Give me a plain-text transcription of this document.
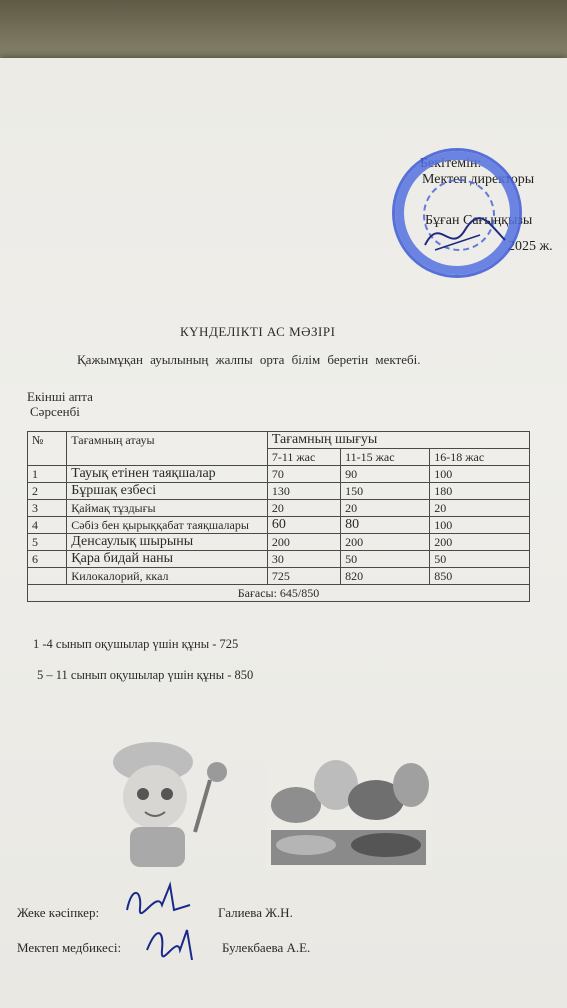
Бекітемін:
Мектеп директоры
Бұған Сағыңқызы
2025 ж.
КҮНДЕЛІКТІ АС МӘЗІРІ
Қажымұқан ауылының жалпы орта білім беретін мектебі.
Екінші апта
Сәрсенбі
№	Тағамның атауы	Тағамның шығуы		
		7-11 жас	11-15 жас	16-18 жас
1	Тауық етінен таяқшалар	70	90	100
2	Бұршақ езбесі	130	150	180
3	Қаймақ тұздығы	20	20	20
4	Сәбіз бен қырыққабат таяқшалары	60	80	100
5	Денсаулық шырыны	200	200	200
6	Қара бидай наны	30	50	50
	Килокалорий, ккал	725	820	850
Бағасы: 645/850				
1 -4 сынып оқушылар үшін құны - 725
5 – 11 сынып оқушылар үшін құны - 850
Жеке кәсіпкер:	Галиева Ж.Н.
Мектеп медбикесі:	Булекбаева А.Е.
